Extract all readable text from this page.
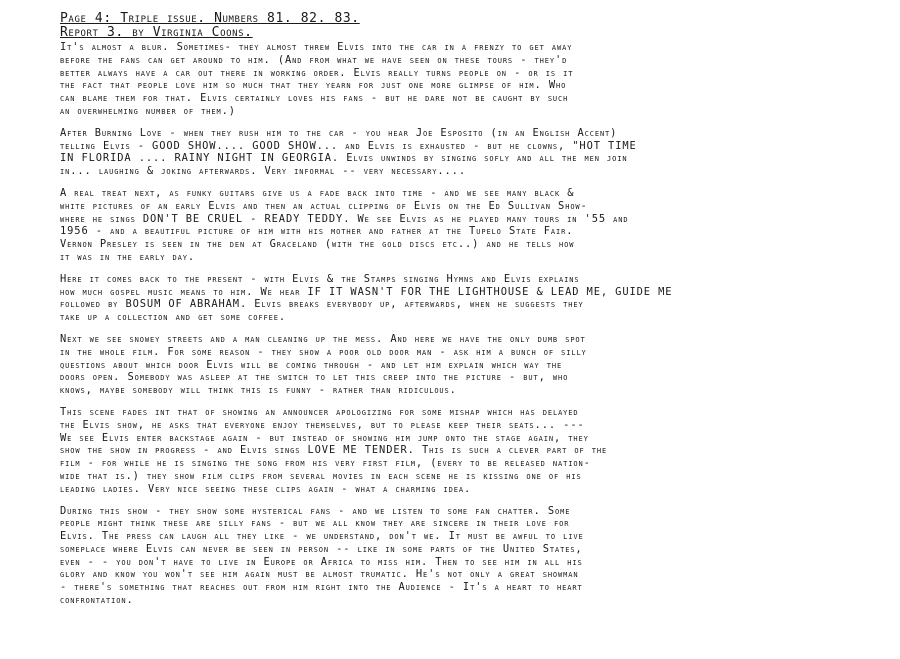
Page 4: Triple issue. Numbers 81. 82. 83.
Report 3. by Virginia Coons.
It's almost a blur. Sometimes- they almost threw Elvis into the car in a frenzy to get away
before the fans can get around to him. (And from what we have seen on these tours - they'd
better always have a car out there in working order. Elvis really turns people on - or is it
the fact that people love him so much that they yearn for just one more glimpse of him. Who
can blame them for that. Elvis certainly loves his fans - but he dare not be caught by such
an overwhelming number of them.)
After Burning Love - when they rush him to the car - you hear Joe Esposito (in an English Accent)
telling Elvis - GOOD SHOW.... GOOD SHOW... and Elvis is exhausted - but he clowns, "HOT TIME
IN FLORIDA .... RAINY NIGHT IN GEORGIA. Elvis unwinds by singing sofly and all the men join
in... laughing & joking afterwards. Very informal -- very necessary....
A real treat next, as funky guitars give us a fade back into time - and we see many black &
white pictures of an early Elvis and then an actual clipping of Elvis on the Ed Sullivan Show-
where he sings DON'T BE CRUEL - READY TEDDY. We see Elvis as he played many tours in '55 and
1956 - and a beautiful picture of him with his mother and father at the Tupelo State Fair.
Vernon Presley is seen in the den at Graceland (with the gold discs etc..) and he tells how
it was in the early day.
Here it comes back to the present - with Elvis & the Stamps singing Hymns and Elvis explains
how much gospel music means to him. We hear IF IT WASN'T FOR THE LIGHTHOUSE & LEAD ME, GUIDE ME
followed by BOSUM OF ABRAHAM. Elvis breaks everybody up, afterwards, when he suggests they
take up a collection and get some coffee.
Next we see snowey streets and a man cleaning up the mess. And here we have the only dumb spot
in the whole film. For some reason - they show a poor old door man - ask him a bunch of silly
questions about which door Elvis will be coming through - and let him explain which way the
doors open. Somebody was asleep at the switch to let this creep into the picture - but, who
knows, maybe somebody will think this is funny - rather than ridiculous.
This scene fades int that of showing an announcer apologizing for some mishap which has delayed
the Elvis show, he asks that everyone enjoy themselves, but to please keep their seats... ---
We see Elvis enter backstage again - but instead of showing him jump onto the stage again, they
show the show in progress - and Elvis sings LOVE ME TENDER. This is such a clever part of the
film - for while he is singing the song from his very first film, (every to be released nation-
wide that is.) they show film clips from several movies in each scene he is kissing one of his
leading ladies. Very nice seeing these clips again - what a charming idea.
During this show - they show some hysterical fans - and we listen to some fan chatter. Some
people might think these are silly fans - but we all know they are sincere in their love for
Elvis. The press can laugh all they like - we understand, don't we. It must be awful to live
someplace where Elvis can never be seen in person -- like in some parts of the United States,
even - - you don't have to live in Europe or Africa to miss him. Then to see him in all his
glory and know you won't see him again must be almost trumatic. He's not only a great showman
- there's something that reaches out from him right into the Audience - It's a heart to heart
confrontation.
